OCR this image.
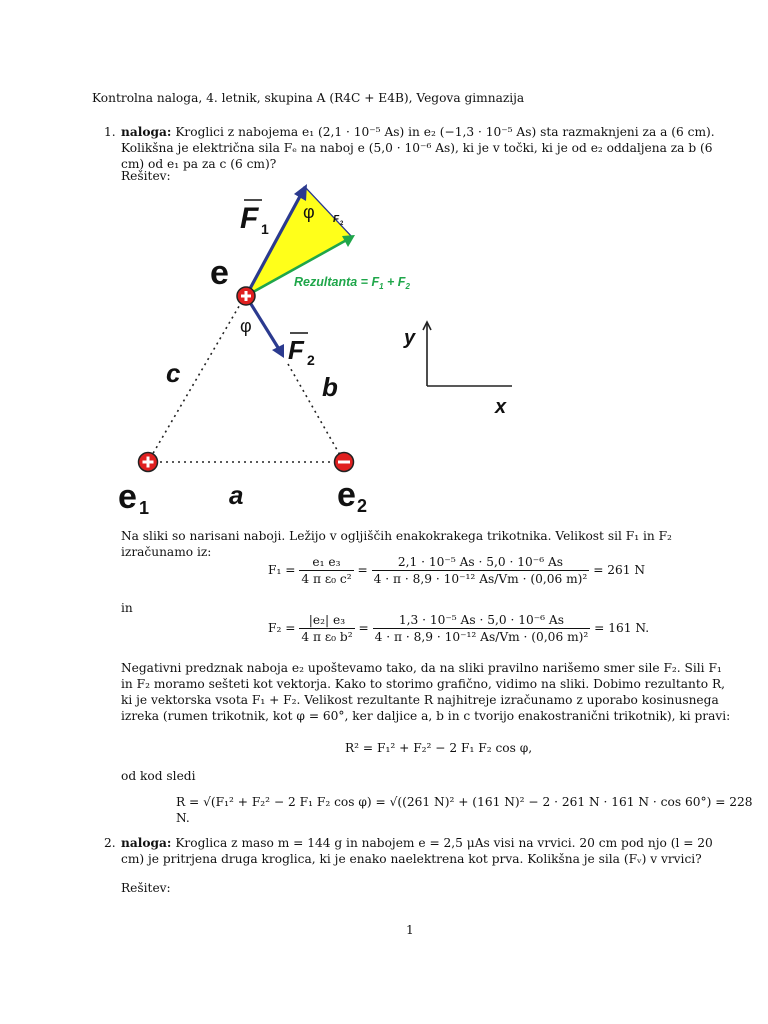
Kontrolna naloga, 4. letnik, skupina A (R4C + E4B), Vegova gimnazija
1. naloga: Kroglici z nabojema e₁ (2,1 · 10⁻⁵ As) in e₂ (−1,3 · 10⁻⁵ As) sta razmaknjeni za a (6 cm). Kolikšna je električna sila Fₑ na naboj e (5,0 · 10⁻⁶ As), ki je v točki, ki je od e₂ oddaljena za b (6 cm) od e₁ pa za c (6 cm)?
Rešitev:
F 1
φ F 2
e	Rezultanta = $F_1 + F_2$
φ
F 2
c	b
a
e 1	e 2
y
x
Na sliki so narisani naboji. Ležijo v ogljiščih enakokrakega trikotnika. Velikost sil F₁ in F₂ izračunamo iz:
$F_1 = \frac{\text{e₁ e₃}}{\text{4 π ε₀ c²}} = \frac{\text{2,1 · 10⁻⁵ As · 5,0 · 10⁻⁶ As}}{\text{4 · π · 8,9 · 10⁻¹² As/Vm · (0,06 m)²}} = 261$ N
in
$F_2 = \frac{\text{|e₂| e₃}}{\text{4 π ε₀ b²}} = \frac{\text{1,3 · 10⁻⁵ As · 5,0 · 10⁻⁶ As}}{\text{4 · π · 8,9 · 10⁻¹² As/Vm · (0,06 m)²}} = 161$ N.
Negativni predznak naboja e₂ upoštevamo tako, da na sliki pravilno narišemo smer sile F₂. Sili F₁ in F₂ moramo sešteti kot vektorja. Kako to storimo grafično, vidimo na sliki. Dobimo rezultanto R, ki je vektorska vsota F₁ + F₂. Velikost rezultante R najhitreje izračunamo z uporabo kosinusnega izreka (rumen trikotnik, kot φ = 60°, ker daljice a, b in c tvorijo enakostranični trikotnik), ki pravi:
R² = F₁² + F₂² − 2 F₁ F₂ cos φ,
od kod sledi
R = √(F₁² + F₂² − 2 F₁ F₂ cos φ) = √((261 N)² + (161 N)² − 2 · 261 N · 161 N · cos 60°) = 228 N.
2. naloga: Kroglica z maso m = 144 g in nabojem e = 2,5 μAs visi na vrvici. 20 cm pod njo (l = 20 cm) je pritrjena druga kroglica, ki je enako naelektrena kot prva. Kolikšna je sila (Fᵥ) v vrvici?
Rešitev:
1
